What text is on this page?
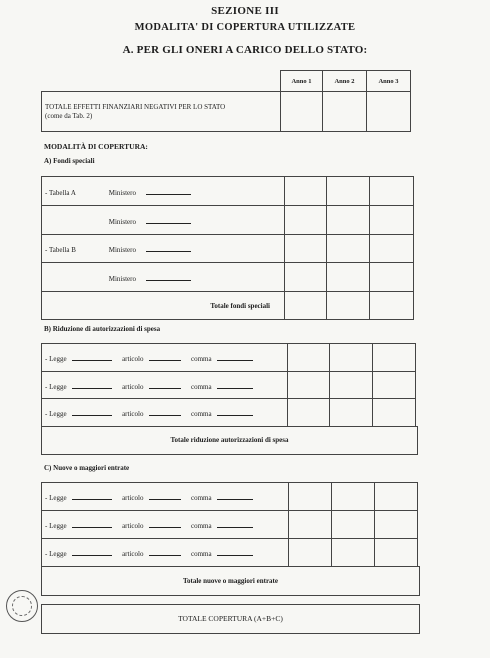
SEZIONE III
MODALITA' DI COPERTURA UTILIZZATE
A. PER GLI ONERI A CARICO DELLO STATO:
	Anno 1	Anno 2	Anno 3

TOTALE EFFETTI FINANZIARI NEGATIVI PER LO STATO
(come da Tab. 2)			

MODALITÀ DI COPERTURA:
A) Fondi speciali
- Tabella A Ministero			
Ministero			
- Tabella B Ministero			
Ministero			
Totale fondi speciali			
B) Riduzione di autorizzazioni di spesa
- Legge articolo comma			
- Legge articolo comma			
- Legge articolo comma			
Totale riduzione autorizzazioni di spesa
C) Nuove o maggiori entrate
- Legge articolo comma			
- Legge articolo comma			
- Legge articolo comma			
Totale nuove o maggiori entrate
TOTALE COPERTURA (A+B+C)
